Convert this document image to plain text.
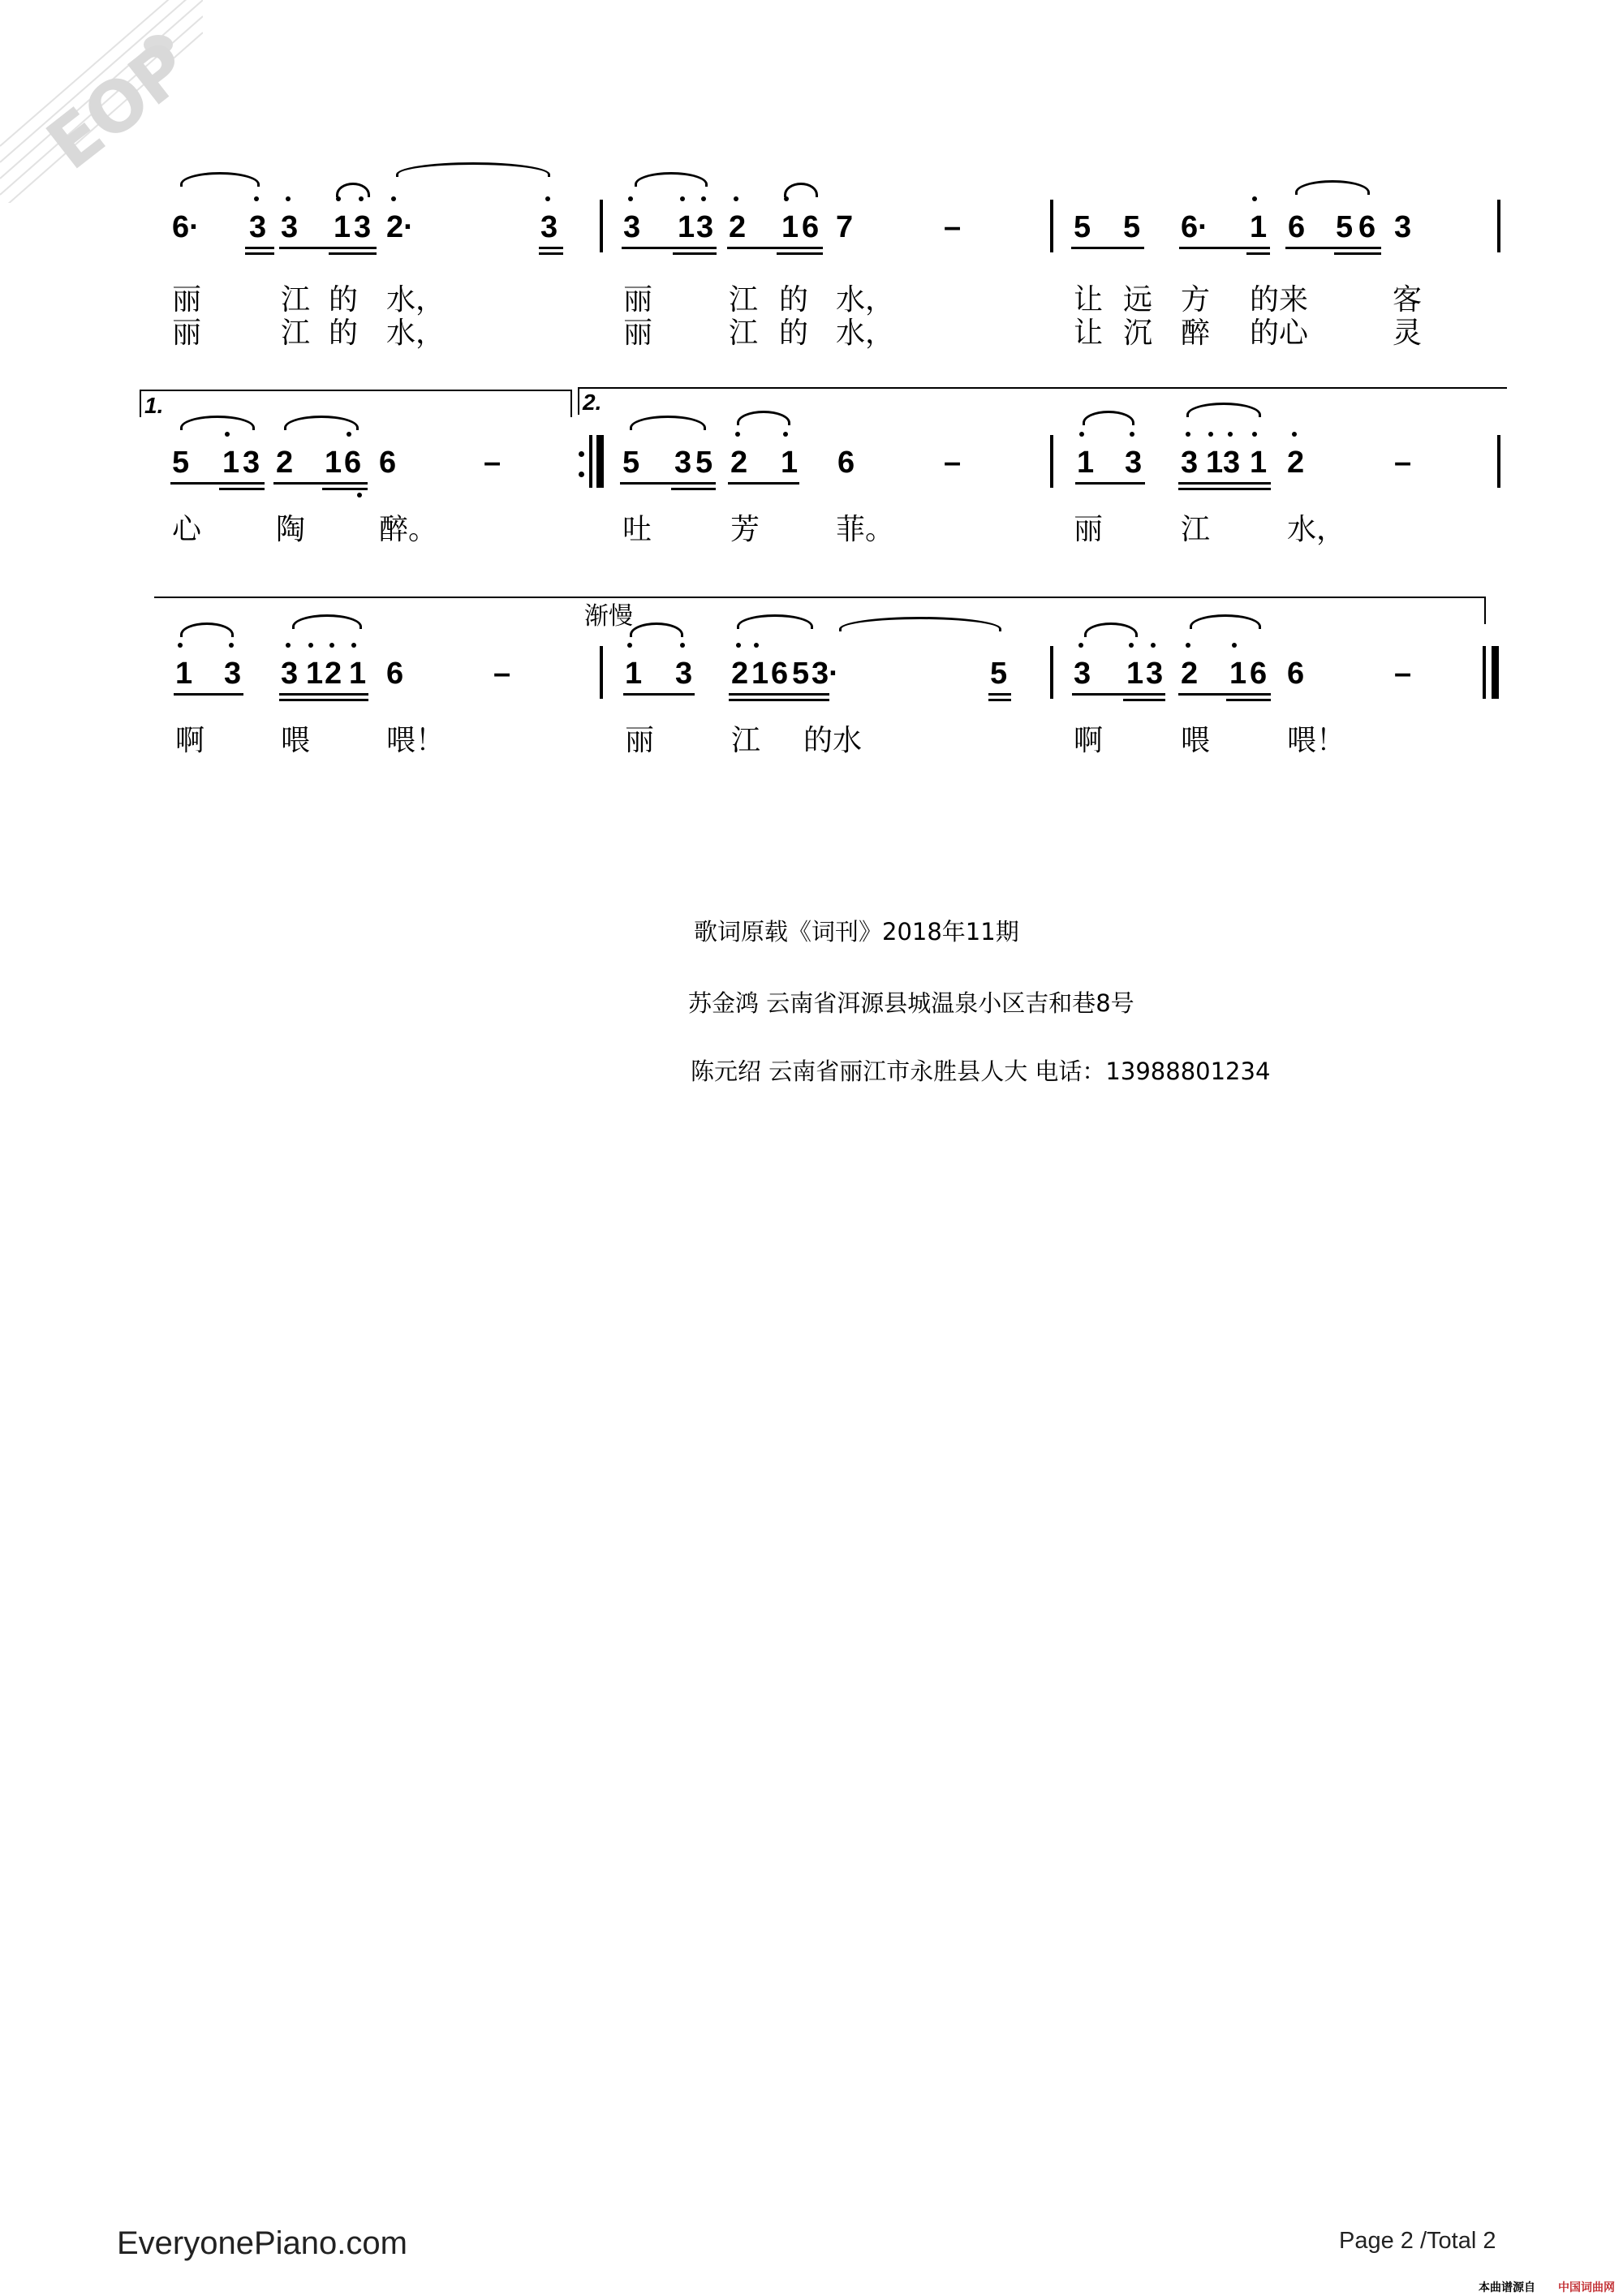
EOP
6· 3 3 1 3 2·	3 3 1 3 2 1 6 7	–	5 5 6· 1 6 5 6 3
丽	江 的 水，	丽	江 的 水，	让 远 方 的来	客
丽	江 的 水，	丽	江 的 水，	让 沉 醉 的心	灵
1.	2.
5 1 3 2 1 6 6	–	5 3 5 2 1 6	–	1 3 3 1 3 1 2	–
心	陶	醉。	吐	芳	菲。	丽	江	水，
渐慢
1 3 3 1 2 1 6	–	1 3 2 1 6 5 3·	5 3 1 3 2 1 6 6	–
啊	喂	喂！	丽	江 的水	啊	喂	喂！
歌词原载《词刊》2018年11期
苏金鸿 云南省洱源县城温泉小区吉和巷8号
陈元绍 云南省丽江市永胜县人大 电话：13988801234
EveryonePiano.com	Page 2 /Total 2
本曲谱源自 中国词曲网
